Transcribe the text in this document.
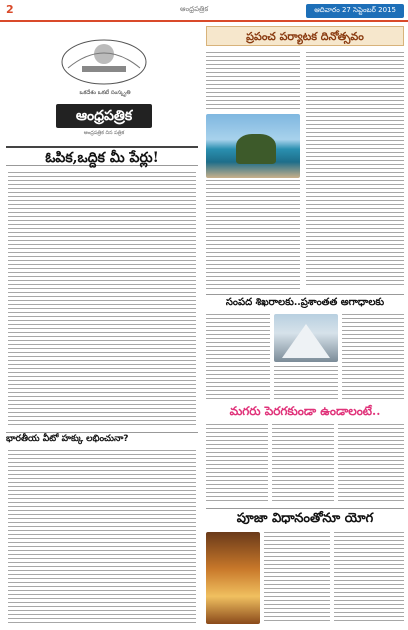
2	ఆంధ్రపత్రిక	ఆదివారం 27 సెప్టెంబర్ 2015
ఒకదేశం ఒకటే సంస్కృతి
ఆంధ్రపత్రిక
ఆంధ్రపత్రిక దిన పత్రిక
ఓపిక,ఒద్దిక మీ పేర్లు!
భారతీయ వీటో హక్కు లభించునా?
ప్రపంచ పర్యాటక దినోత్సవం
సంపద శిఖరాలకు..ప్రశాంతత అగాధాలకు
మగరు పెరగకుండా ఉండాలంటే..
పూజా విధానంతోనూ యోగ
